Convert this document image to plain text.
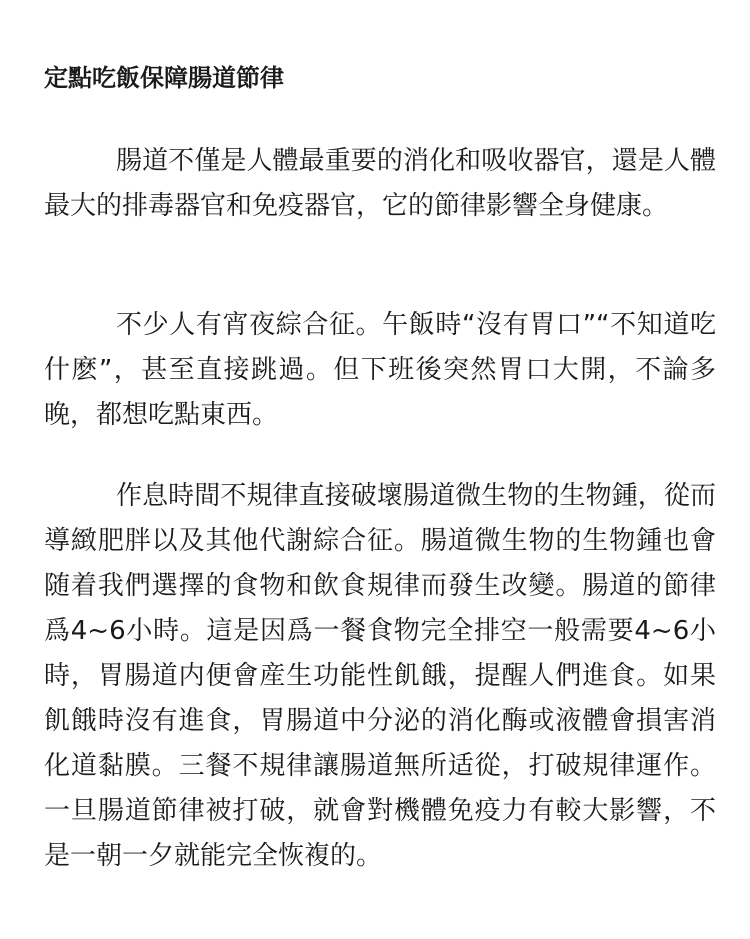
定點吃飯保障腸道節律

腸道不僅是人體最重要的消化和吸收器官，還是人體最大的排毒器官和免疫器官，它的節律影響全身健康。

不少人有宵夜綜合征。午飯時“沒有胃口”“不知道吃什麽”，甚至直接跳過。但下班後突然胃口大開，不論多晚，都想吃點東西。

作息時間不規律直接破壞腸道微生物的生物鍾，從而導緻肥胖以及其他代謝綜合征。腸道微生物的生物鍾也會随着我們選擇的食物和飲食規律而發生改變。腸道的節律爲4~6小時。這是因爲一餐食物完全排空一般需要4~6小時，胃腸道内便會産生功能性飢餓，提醒人們進食。如果飢餓時沒有進食，胃腸道中分泌的消化酶或液體會損害消化道黏膜。三餐不規律讓腸道無所适從，打破規律運作。一旦腸道節律被打破，就會對機體免疫力有較大影響，不是一朝一夕就能完全恢複的。
